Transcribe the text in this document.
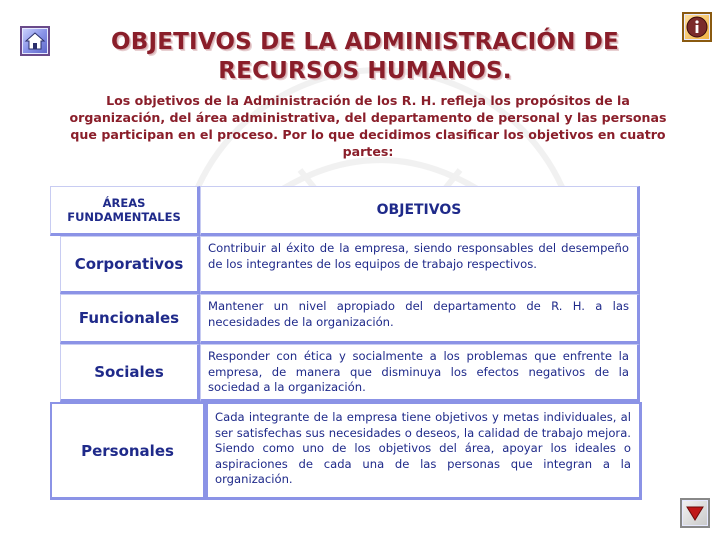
OBJETIVOS DE LA ADMINISTRACIÓN DE RECURSOS HUMANOS.
Los objetivos de la Administración de los R. H. refleja los propósitos de la organización, del área administrativa, del departamento de personal y las personas que participan en el proceso. Por lo que decidimos clasificar los objetivos en cuatro partes:
ÁREAS FUNDAMENTALES	OBJETIVOS
Corporativos
Contribuir al éxito de la empresa, siendo responsables del desempeño de los integrantes de los equipos de trabajo respectivos.
Funcionales
Mantener un nivel apropiado del departamento de R. H. a las necesidades de la organización.
Sociales
Responder con ética y socialmente a los problemas que enfrente la empresa, de manera que disminuya los efectos negativos de la sociedad a la organización.
Personales
Cada integrante de la empresa tiene objetivos y metas individuales, al ser satisfechas sus necesidades o deseos, la calidad de trabajo mejora. Siendo como uno de los objetivos del área, apoyar los ideales o aspiraciones de cada una de las personas que integran a la organización.
